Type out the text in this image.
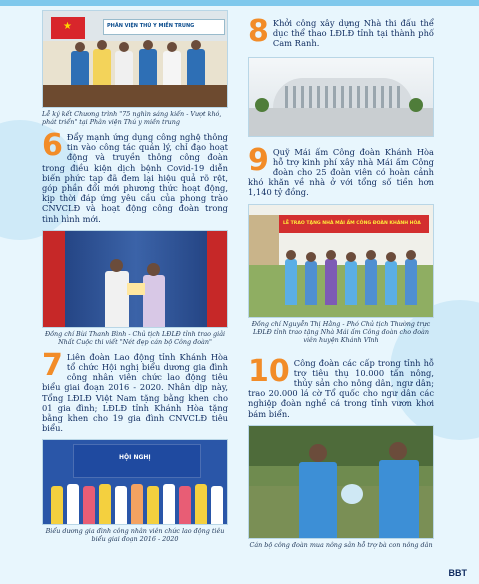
★	PHÂN VIỆN THÚ Y MIỀN TRUNG
Lễ ký kết Chương trình "75 nghìn sáng kiến - Vượt khó, phát triển" tại Phân viện Thú y miền trung

6 Đẩy mạnh ứng dụng công nghệ thông tin vào công tác quản lý, chỉ đạo hoạt động và truyền thông công đoàn trong điều kiện dịch bệnh Covid-19 diễn biến phức tạp đã đem lại hiệu quả rõ rệt, góp phần đổi mới phương thức hoạt động, kịp thời đáp ứng yêu cầu của phong trào CNVCLĐ và hoạt động công đoàn trong tình hình mới.

Đồng chí Bùi Thanh Bình - Chủ tịch LĐLĐ tỉnh trao giải Nhất Cuộc thi viết "Nét đẹp cán bộ Công đoàn"

7 Liên đoàn Lao động tỉnh Khánh Hòa tổ chức Hội nghị biểu dương gia đình công nhân viên chức lao động tiêu biểu giai đoạn 2016 - 2020. Nhân dịp này, Tổng LĐLĐ Việt Nam tặng bằng khen cho 01 gia đình; LĐLĐ tỉnh Khánh Hòa tặng bằng khen cho 19 gia đình CNVCLĐ tiêu biểu.

HỘI NGHỊ
Biểu dương gia đình công nhân viên chức lao động tiêu biểu giai đoạn 2016 - 2020

8 Khởi công xây dựng Nhà thi đấu thể dục thể thao LĐLĐ tỉnh tại thành phố Cam Ranh.

9 Quỹ Mái ấm Công đoàn Khánh Hòa hỗ trợ kinh phí xây nhà Mái ấm Công đoàn cho 25 đoàn viên có hoàn cảnh khó khăn về nhà ở với tổng số tiền hơn 1,140 tỷ đồng.

LỄ TRAO TẶNG NHÀ MÁI ẤM CÔNG ĐOÀN KHÁNH HÒA
Đồng chí Nguyễn Thị Hằng - Phó Chủ tịch Thường trực LĐLĐ tỉnh trao tặng Nhà Mái ấm Công đoàn cho đoàn viên huyện Khánh Vĩnh

10 Công đoàn các cấp trong tỉnh hỗ trợ tiêu thụ 10.000 tấn nông, thủy sản cho nông dân, ngư dân; trao 20.000 lá cờ Tổ quốc cho ngư dân các nghiệp đoàn nghề cá trong tỉnh vươn khơi bám biển.

Cán bộ công đoàn mua nông sản hỗ trợ bà con nông dân
BBT
